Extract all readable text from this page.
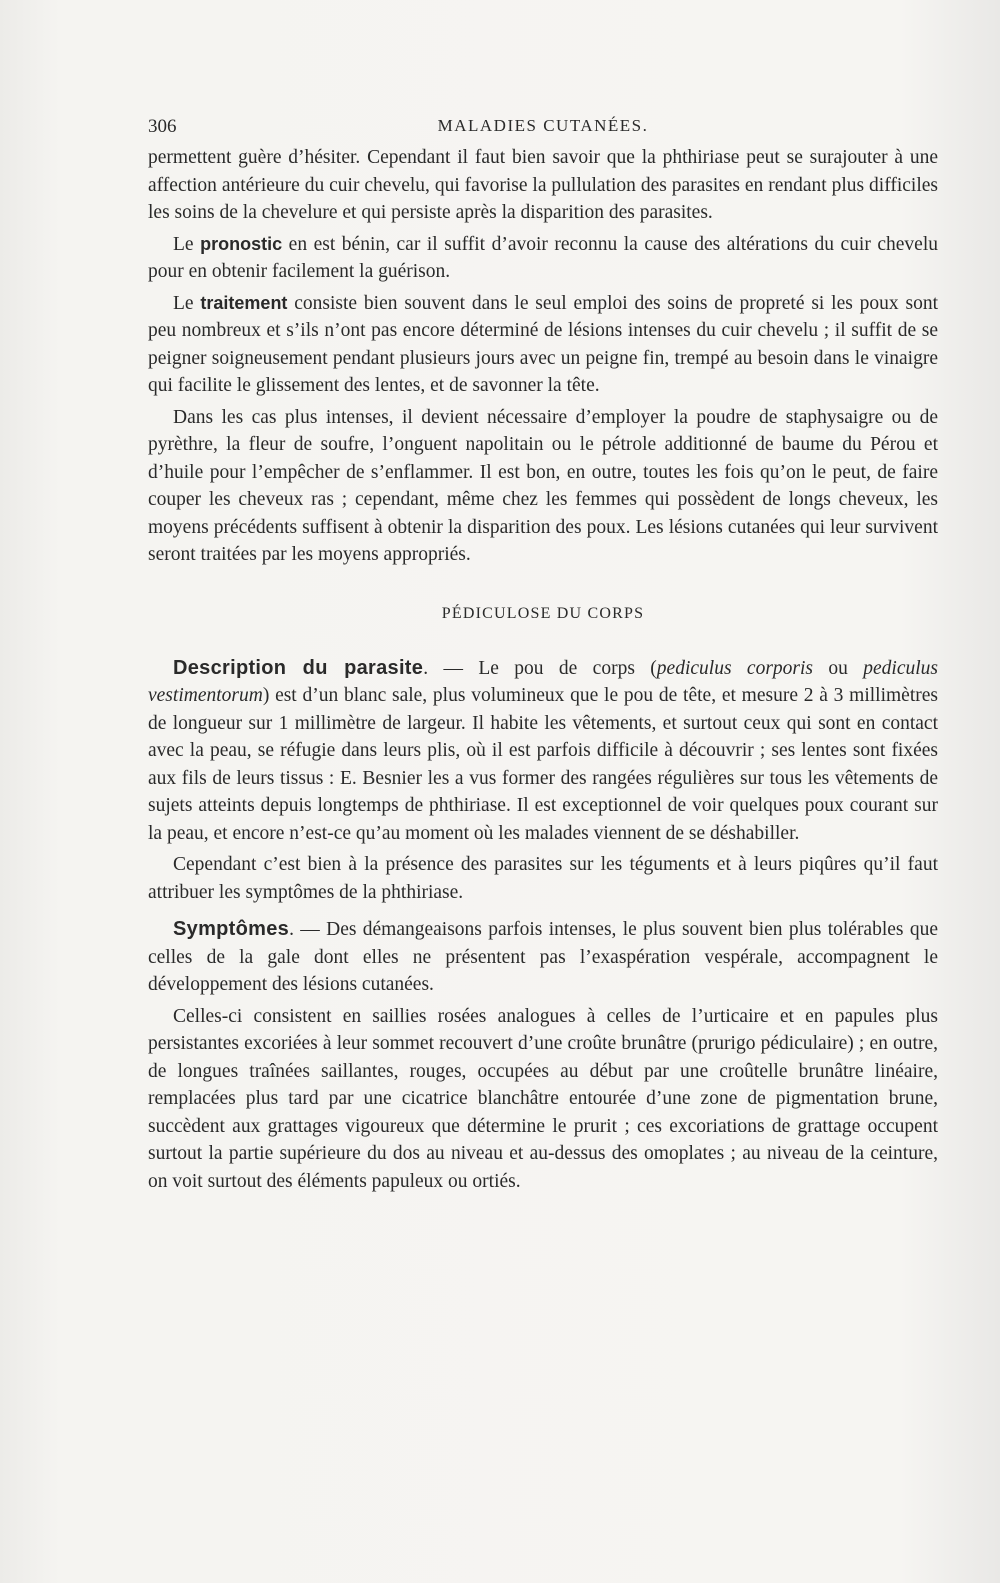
306	MALADIES CUTANÉES.

permettent guère d’hésiter. Cependant il faut bien savoir que la phthiriase peut se surajouter à une affection antérieure du cuir chevelu, qui favorise la pullulation des parasites en rendant plus difficiles les soins de la chevelure et qui persiste après la disparition des parasites.

Le pronostic en est bénin, car il suffit d’avoir reconnu la cause des altérations du cuir chevelu pour en obtenir facilement la guérison.

Le traitement consiste bien souvent dans le seul emploi des soins de propreté si les poux sont peu nombreux et s’ils n’ont pas encore déterminé de lésions intenses du cuir chevelu ; il suffit de se peigner soigneusement pendant plusieurs jours avec un peigne fin, trempé au besoin dans le vinaigre qui facilite le glissement des lentes, et de savonner la tête.

Dans les cas plus intenses, il devient nécessaire d’employer la poudre de staphysaigre ou de pyrèthre, la fleur de soufre, l’onguent napolitain ou le pétrole additionné de baume du Pérou et d’huile pour l’empêcher de s’enflammer. Il est bon, en outre, toutes les fois qu’on le peut, de faire couper les cheveux ras ; cependant, même chez les femmes qui possèdent de longs cheveux, les moyens précédents suffisent à obtenir la disparition des poux. Les lésions cutanées qui leur survivent seront traitées par les moyens appropriés.

PÉDICULOSE DU CORPS

Description du parasite. — Le pou de corps (pediculus corporis ou pediculus vestimentorum) est d’un blanc sale, plus volumineux que le pou de tête, et mesure 2 à 3 millimètres de longueur sur 1 millimètre de largeur. Il habite les vêtements, et surtout ceux qui sont en contact avec la peau, se réfugie dans leurs plis, où il est parfois difficile à découvrir ; ses lentes sont fixées aux fils de leurs tissus : E. Besnier les a vus former des rangées régulières sur tous les vêtements de sujets atteints depuis longtemps de phthiriase. Il est exceptionnel de voir quelques poux courant sur la peau, et encore n’est-ce qu’au moment où les malades viennent de se déshabiller.

Cependant c’est bien à la présence des parasites sur les téguments et à leurs piqûres qu’il faut attribuer les symptômes de la phthiriase.

Symptômes. — Des démangeaisons parfois intenses, le plus souvent bien plus tolérables que celles de la gale dont elles ne présentent pas l’exaspération vespérale, accompagnent le développement des lésions cutanées.

Celles-ci consistent en saillies rosées analogues à celles de l’urticaire et en papules plus persistantes excoriées à leur sommet recouvert d’une croûte brunâtre (prurigo pédiculaire) ; en outre, de longues traînées saillantes, rouges, occupées au début par une croûtelle brunâtre linéaire, remplacées plus tard par une cicatrice blanchâtre entourée d’une zone de pigmentation brune, succèdent aux grattages vigoureux que détermine le prurit ; ces excoriations de grattage occupent surtout la partie supérieure du dos au niveau et au-dessus des omoplates ; au niveau de la ceinture, on voit surtout des éléments papuleux ou ortiés.
